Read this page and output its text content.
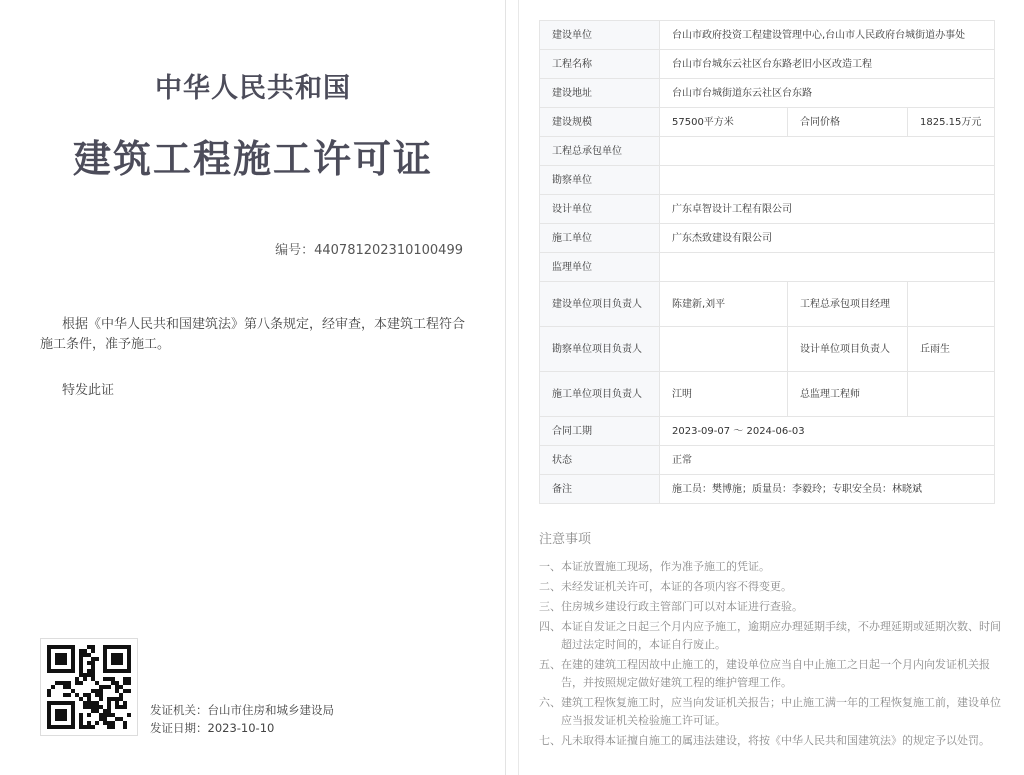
中华人民共和国
建筑工程施工许可证
编号：440781202310100499
根据《中华人民共和国建筑法》第八条规定，经审查，本建筑工程符合施工条件，准予施工。
特发此证
发证机关：台山市住房和城乡建设局
发证日期：2023-10-10
建设单位	台山市政府投资工程建设管理中心,台山市人民政府台城街道办事处		
工程名称	台山市台城东云社区台东路老旧小区改造工程		
建设地址	台山市台城街道东云社区台东路		
建设规模	57500平方米	合同价格	1825.15万元
工程总承包单位			
勘察单位			
设计单位	广东卓智设计工程有限公司		
施工单位	广东杰致建设有限公司		
监理单位			
建设单位项目负责人	陈建新,刘平	工程总承包项目经理	
勘察单位项目负责人		设计单位项目负责人	丘雨生
施工单位项目负责人	江明	总监理工程师	
合同工期	2023-09-07 ～ 2024-06-03		
状态	正常		
备注	施工员：樊博施；质量员：李毅玲；专职安全员：林晓斌		
注意事项
一、本证放置施工现场，作为准予施工的凭证。
二、未经发证机关许可，本证的各项内容不得变更。
三、住房城乡建设行政主管部门可以对本证进行查验。
四、本证自发证之日起三个月内应予施工，逾期应办理延期手续，不办理延期或延期次数、时间超过法定时间的，本证自行废止。
五、在建的建筑工程因故中止施工的，建设单位应当自中止施工之日起一个月内向发证机关报告，并按照规定做好建筑工程的维护管理工作。
六、建筑工程恢复施工时，应当向发证机关报告；中止施工满一年的工程恢复施工前，建设单位应当报发证机关检验施工许可证。
七、凡未取得本证擅自施工的属违法建设，将按《中华人民共和国建筑法》的规定予以处罚。
